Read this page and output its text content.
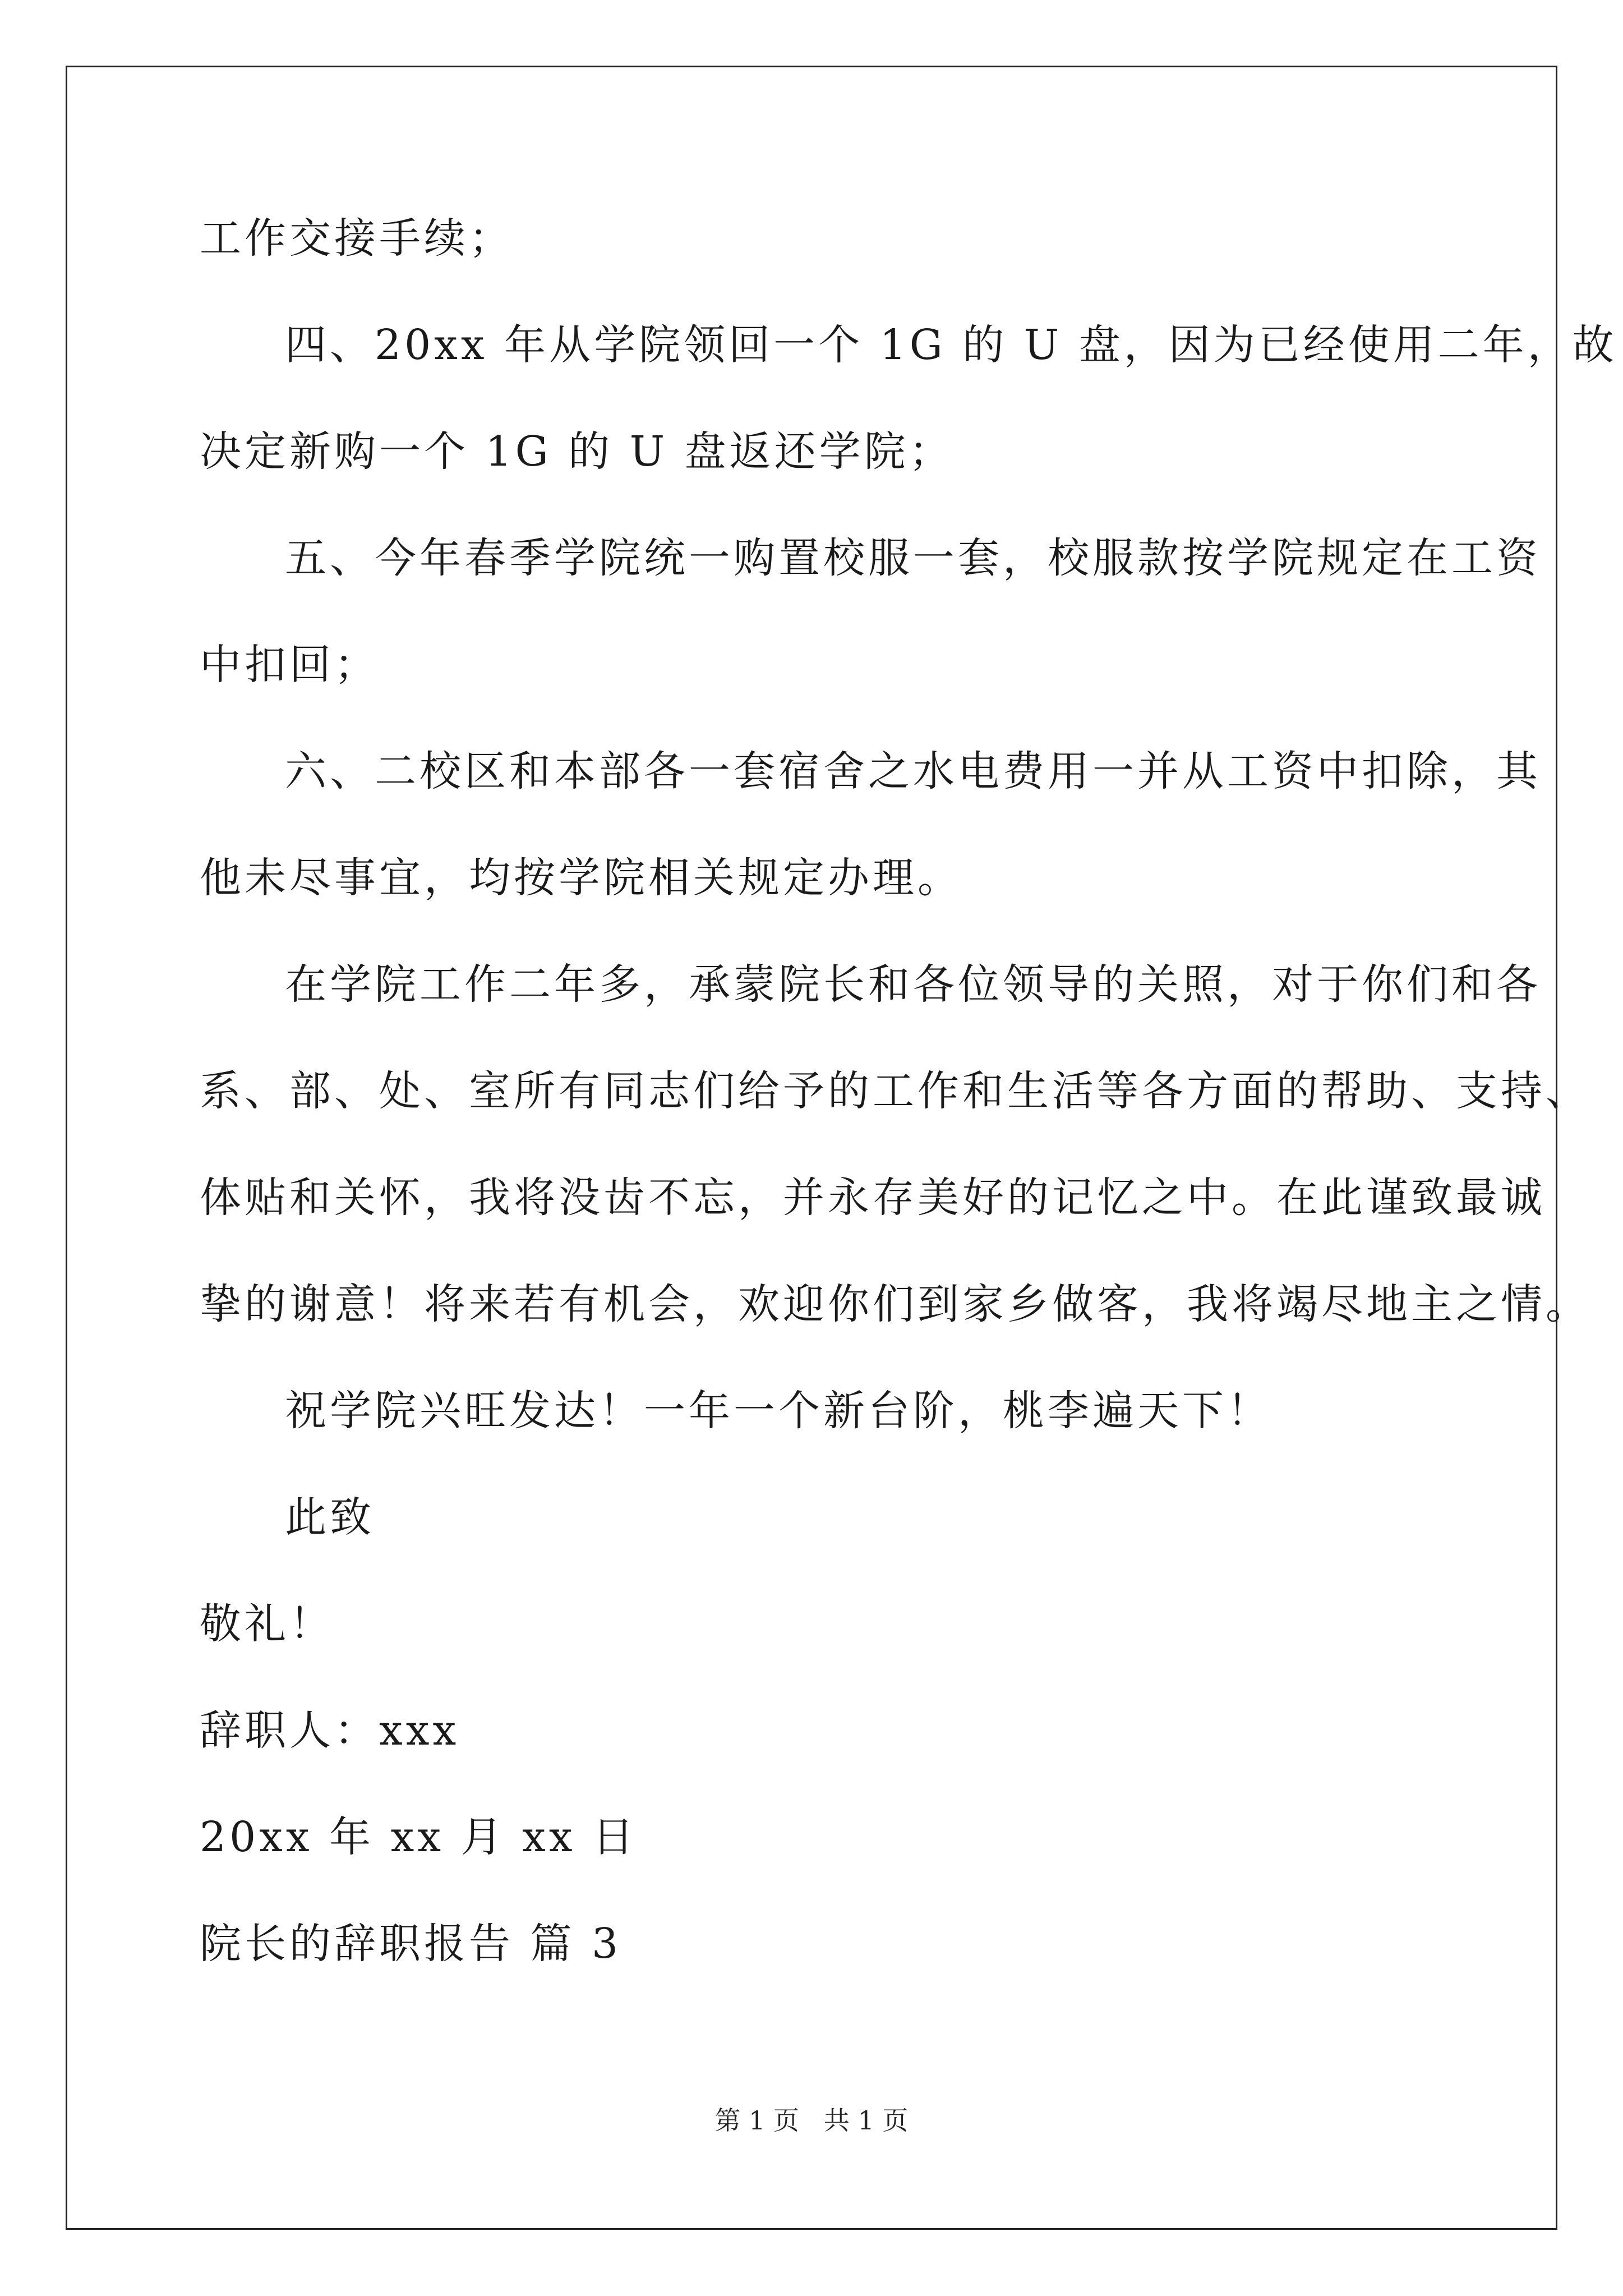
工作交接手续；
四、20xx 年从学院领回一个 1G 的 U 盘，因为已经使用二年，故
决定新购一个 1G 的 U 盘返还学院；
五、今年春季学院统一购置校服一套，校服款按学院规定在工资
中扣回；
六、二校区和本部各一套宿舍之水电费用一并从工资中扣除，其
他未尽事宜，均按学院相关规定办理。
在学院工作二年多，承蒙院长和各位领导的关照，对于你们和各
系、部、处、室所有同志们给予的工作和生活等各方面的帮助、支持、
体贴和关怀，我将没齿不忘，并永存美好的记忆之中。在此谨致最诚
挚的谢意！将来若有机会，欢迎你们到家乡做客，我将竭尽地主之情。
祝学院兴旺发达！一年一个新台阶，桃李遍天下！
此致
敬礼！
辞职人：xxx
20xx 年 xx 月 xx 日
院长的辞职报告 篇 3
第 1 页   共 1 页
